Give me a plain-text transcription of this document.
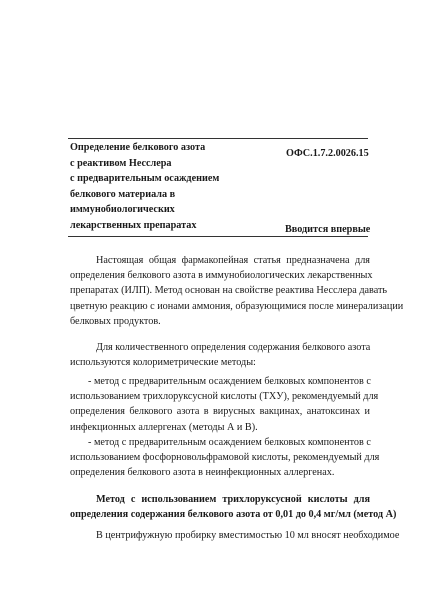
Определение белкового азота
с реактивом Несслера
с предварительным осаждением
белкового материала в
иммунобиологических
лекарственных препаратах
ОФС.1.7.2.0026.15
Вводится впервые
Настоящая общая фармакопейная статья предназначена для
определения белкового азота в иммунобиологических лекарственных
препаратах (ИЛП). Метод основан на свойстве реактива Несслера давать
цветную реакцию с ионами аммония, образующимися после минерализации
белковых продуктов.
Для количественного определения содержания белкового азота
используются колориметрические методы:
- метод с предварительным осаждением белковых компонентов с
использованием трихлоруксусной кислоты (ТХУ), рекомендуемый для
определения белкового азота в вирусных вакцинах, анатоксинах и
инфекционных аллергенах (методы А и В).
- метод с предварительным осаждением белковых компонентов с
использованием фосфорновольфрамовой кислоты, рекомендуемый для
определения белкового азота в неинфекционных аллергенах.
Метод с использованием трихлоруксусной кислоты для
определения содержания белкового азота от 0,01 до 0,4 мг/мл (метод А)
В центрифужную пробирку вместимостью 10 мл вносят необходимое
